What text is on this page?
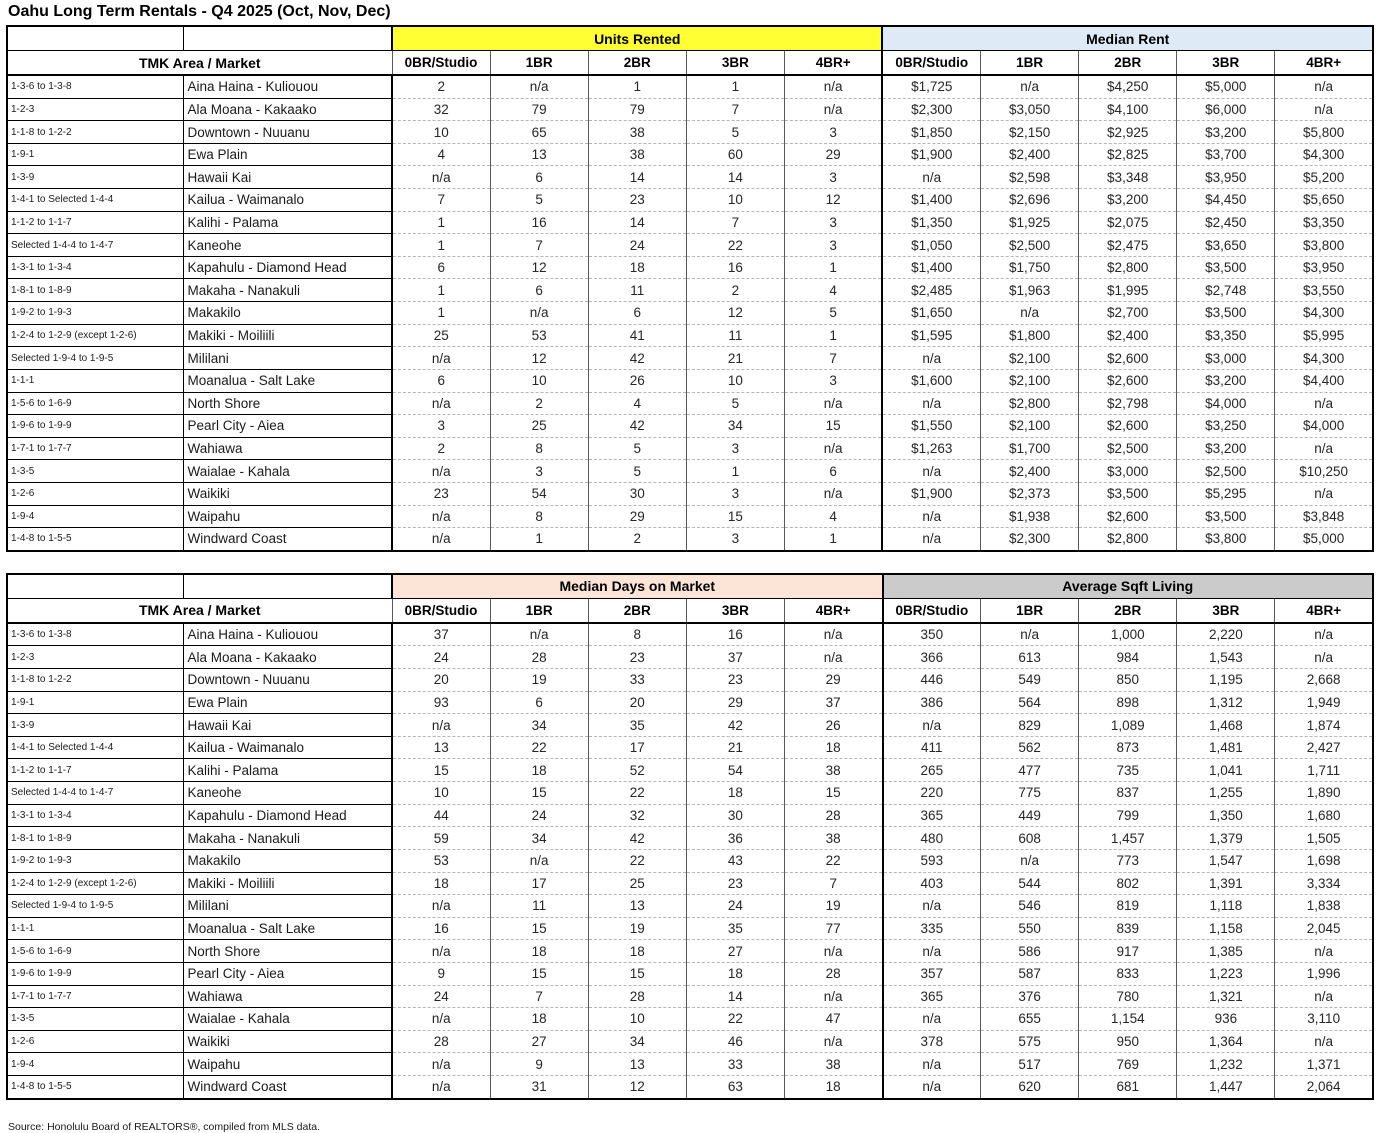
Oahu Long Term Rentals - Q4 2025 (Oct, Nov, Dec)
		Units Rented					Median Rent				
TMK Area / Market		0BR/Studio	1BR	2BR	3BR	4BR+	0BR/Studio	1BR	2BR	3BR	4BR+
1-3-6 to 1-3-8	Aina Haina - Kuliouou	2	n/a	1	1	n/a	$1,725	n/a	$4,250	$5,000	n/a
1-2-3	Ala Moana - Kakaako	32	79	79	7	n/a	$2,300	$3,050	$4,100	$6,000	n/a
1-1-8 to 1-2-2	Downtown - Nuuanu	10	65	38	5	3	$1,850	$2,150	$2,925	$3,200	$5,800
1-9-1	Ewa Plain	4	13	38	60	29	$1,900	$2,400	$2,825	$3,700	$4,300
1-3-9	Hawaii Kai	n/a	6	14	14	3	n/a	$2,598	$3,348	$3,950	$5,200
1-4-1 to Selected 1-4-4	Kailua - Waimanalo	7	5	23	10	12	$1,400	$2,696	$3,200	$4,450	$5,650
1-1-2 to 1-1-7	Kalihi - Palama	1	16	14	7	3	$1,350	$1,925	$2,075	$2,450	$3,350
Selected 1-4-4 to 1-4-7	Kaneohe	1	7	24	22	3	$1,050	$2,500	$2,475	$3,650	$3,800
1-3-1 to 1-3-4	Kapahulu - Diamond Head	6	12	18	16	1	$1,400	$1,750	$2,800	$3,500	$3,950
1-8-1 to 1-8-9	Makaha - Nanakuli	1	6	11	2	4	$2,485	$1,963	$1,995	$2,748	$3,550
1-9-2 to 1-9-3	Makakilo	1	n/a	6	12	5	$1,650	n/a	$2,700	$3,500	$4,300
1-2-4 to 1-2-9 (except 1-2-6)	Makiki - Moiliili	25	53	41	11	1	$1,595	$1,800	$2,400	$3,350	$5,995
Selected 1-9-4 to 1-9-5	Mililani	n/a	12	42	21	7	n/a	$2,100	$2,600	$3,000	$4,300
1-1-1	Moanalua - Salt Lake	6	10	26	10	3	$1,600	$2,100	$2,600	$3,200	$4,400
1-5-6 to 1-6-9	North Shore	n/a	2	4	5	n/a	n/a	$2,800	$2,798	$4,000	n/a
1-9-6 to 1-9-9	Pearl City - Aiea	3	25	42	34	15	$1,550	$2,100	$2,600	$3,250	$4,000
1-7-1 to 1-7-7	Wahiawa	2	8	5	3	n/a	$1,263	$1,700	$2,500	$3,200	n/a
1-3-5	Waialae - Kahala	n/a	3	5	1	6	n/a	$2,400	$3,000	$2,500	$10,250
1-2-6	Waikiki	23	54	30	3	n/a	$1,900	$2,373	$3,500	$5,295	n/a
1-9-4	Waipahu	n/a	8	29	15	4	n/a	$1,938	$2,600	$3,500	$3,848
1-4-8 to 1-5-5	Windward Coast	n/a	1	2	3	1	n/a	$2,300	$2,800	$3,800	$5,000
		Median Days on Market					Average Sqft Living				
TMK Area / Market		0BR/Studio	1BR	2BR	3BR	4BR+	0BR/Studio	1BR	2BR	3BR	4BR+
1-3-6 to 1-3-8	Aina Haina - Kuliouou	37	n/a	8	16	n/a	350	n/a	1,000	2,220	n/a
1-2-3	Ala Moana - Kakaako	24	28	23	37	n/a	366	613	984	1,543	n/a
1-1-8 to 1-2-2	Downtown - Nuuanu	20	19	33	23	29	446	549	850	1,195	2,668
1-9-1	Ewa Plain	93	6	20	29	37	386	564	898	1,312	1,949
1-3-9	Hawaii Kai	n/a	34	35	42	26	n/a	829	1,089	1,468	1,874
1-4-1 to Selected 1-4-4	Kailua - Waimanalo	13	22	17	21	18	411	562	873	1,481	2,427
1-1-2 to 1-1-7	Kalihi - Palama	15	18	52	54	38	265	477	735	1,041	1,711
Selected 1-4-4 to 1-4-7	Kaneohe	10	15	22	18	15	220	775	837	1,255	1,890
1-3-1 to 1-3-4	Kapahulu - Diamond Head	44	24	32	30	28	365	449	799	1,350	1,680
1-8-1 to 1-8-9	Makaha - Nanakuli	59	34	42	36	38	480	608	1,457	1,379	1,505
1-9-2 to 1-9-3	Makakilo	53	n/a	22	43	22	593	n/a	773	1,547	1,698
1-2-4 to 1-2-9 (except 1-2-6)	Makiki - Moiliili	18	17	25	23	7	403	544	802	1,391	3,334
Selected 1-9-4 to 1-9-5	Mililani	n/a	11	13	24	19	n/a	546	819	1,118	1,838
1-1-1	Moanalua - Salt Lake	16	15	19	35	77	335	550	839	1,158	2,045
1-5-6 to 1-6-9	North Shore	n/a	18	18	27	n/a	n/a	586	917	1,385	n/a
1-9-6 to 1-9-9	Pearl City - Aiea	9	15	15	18	28	357	587	833	1,223	1,996
1-7-1 to 1-7-7	Wahiawa	24	7	28	14	n/a	365	376	780	1,321	n/a
1-3-5	Waialae - Kahala	n/a	18	10	22	47	n/a	655	1,154	936	3,110
1-2-6	Waikiki	28	27	34	46	n/a	378	575	950	1,364	n/a
1-9-4	Waipahu	n/a	9	13	33	38	n/a	517	769	1,232	1,371
1-4-8 to 1-5-5	Windward Coast	n/a	31	12	63	18	n/a	620	681	1,447	2,064
Source: Honolulu Board of REALTORS®, compiled from MLS data.
